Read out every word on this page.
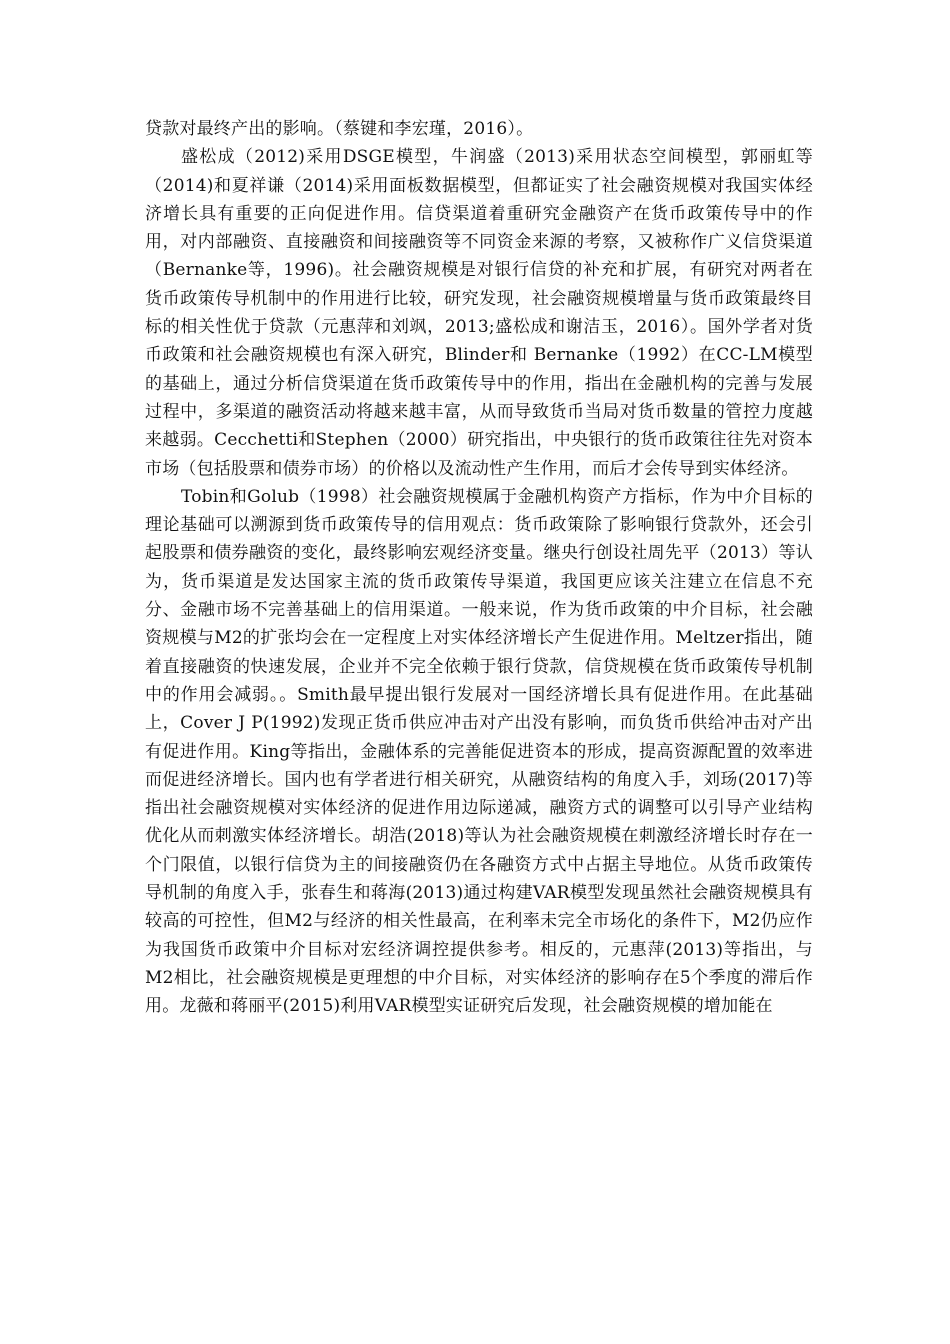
贷款对最终产出的影响。（蔡键和李宏瑾，2016）。

盛松成（2012)采用DSGE模型，牛润盛（2013)采用状态空间模型，郭丽虹等（2014)和夏祥谦（2014)采用面板数据模型，但都证实了社会融资规模对我国实体经济增长具有重要的正向促进作用。信贷渠道着重研究金融资产在货币政策传导中的作用，对内部融资、直接融资和间接融资等不同资金来源的考察，又被称作广义信贷渠道（Bernanke等，1996)。社会融资规模是对银行信贷的补充和扩展，有研究对两者在货币政策传导机制中的作用进行比较，研究发现，社会融资规模增量与货币政策最终目标的相关性优于贷款（元惠萍和刘飒，2013;盛松成和谢洁玉，2016）。国外学者对货币政策和社会融资规模也有深入研究，Blinder和 Bernanke（1992）在CC-LM模型的基础上，通过分析信贷渠道在货币政策传导中的作用，指出在金融机构的完善与发展过程中，多渠道的融资活动将越来越丰富，从而导致货币当局对货币数量的管控力度越来越弱。Cecchetti和Stephen（2000）研究指出，中央银行的货币政策往往先对资本市场（包括股票和债券市场）的价格以及流动性产生作用，而后才会传导到实体经济。

Tobin和Golub（1998）社会融资规模属于金融机构资产方指标，作为中介目标的理论基础可以溯源到货币政策传导的信用观点：货币政策除了影响银行贷款外，还会引起股票和债券融资的变化，最终影响宏观经济变量。继央行创设社周先平（2013）等认为，货币渠道是发达国家主流的货币政策传导渠道，我国更应该关注建立在信息不充分、金融市场不完善基础上的信用渠道。一般来说，作为货币政策的中介目标，社会融资规模与M2的扩张均会在一定程度上对实体经济增长产生促进作用。Meltzer指出，随着直接融资的快速发展，企业并不完全依赖于银行贷款，信贷规模在货币政策传导机制中的作用会减弱。。Smith最早提出银行发展对一国经济增长具有促进作用。在此基础上，Cover J P(1992)发现正货币供应冲击对产出没有影响，而负货币供给冲击对产出有促进作用。King等指出，金融体系的完善能促进资本的形成，提高资源配置的效率进而促进经济增长。国内也有学者进行相关研究，从融资结构的角度入手，刘玚(2017)等指出社会融资规模对实体经济的促进作用边际递减，融资方式的调整可以引导产业结构优化从而刺激实体经济增长。胡浩(2018)等认为社会融资规模在刺激经济增长时存在一个门限值，以银行信贷为主的间接融资仍在各融资方式中占据主导地位。从货币政策传导机制的角度入手，张春生和蒋海(2013)通过构建VAR模型发现虽然社会融资规模具有较高的可控性，但M2与经济的相关性最高，在利率未完全市场化的条件下，M2仍应作为我国货币政策中介目标对宏经济调控提供参考。相反的，元惠萍(2013)等指出，与M2相比，社会融资规模是更理想的中介目标，对实体经济的影响存在5个季度的滞后作用。龙薇和蒋丽平(2015)利用VAR模型实证研究后发现，社会融资规模的增加能在
